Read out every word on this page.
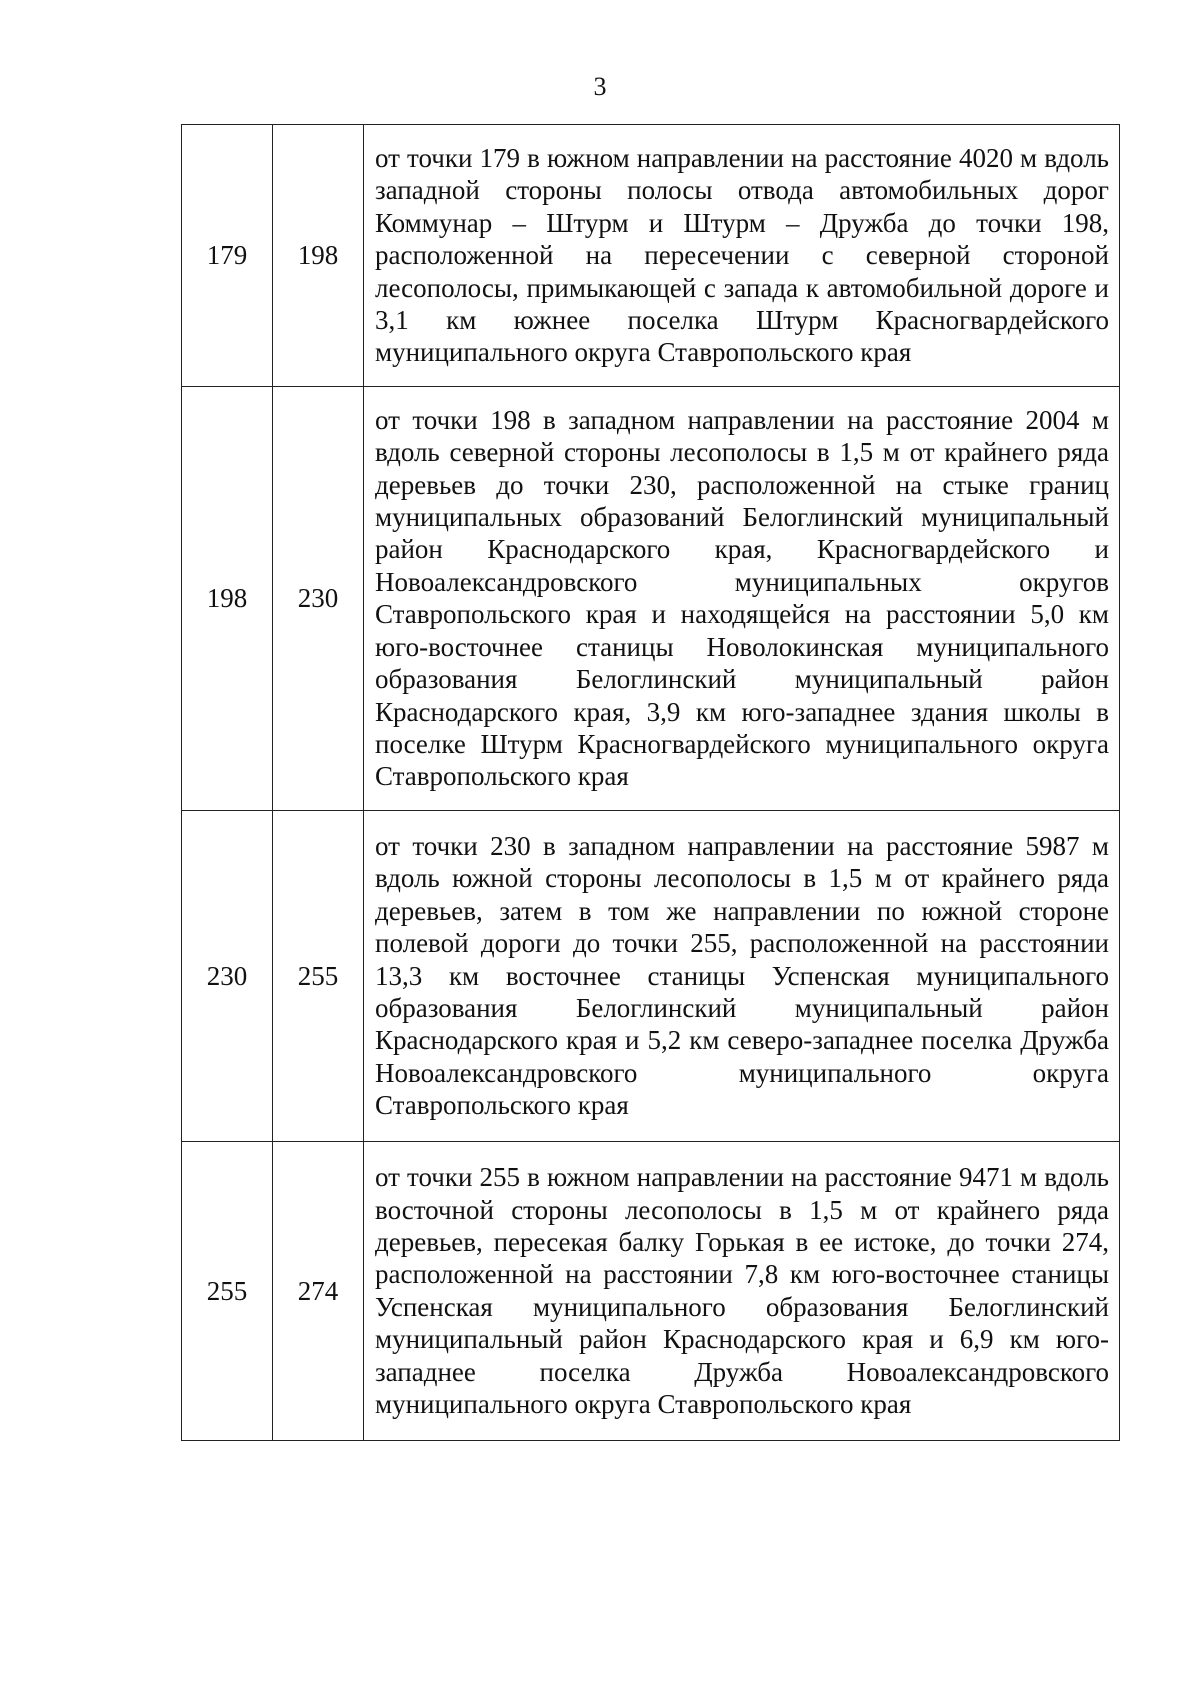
3
179	198	от точки 179 в южном направлении на расстояние 4020 м вдоль западной стороны полосы отвода автомобильных дорог Коммунар – Штурм и Штурм – Дружба до точки 198, расположенной на пересечении с северной стороной лесополосы, примыкающей с запада к автомобильной дороге и 3,1 км южнее поселка Штурм Красногвардейского муниципального округа Ставропольского края
198	230	от точки 198 в западном направлении на расстояние 2004 м вдоль северной стороны лесополосы в 1,5 м от крайнего ряда деревьев до точки 230, расположенной на стыке границ муниципальных образований Белоглинский муниципальный район Краснодарского края, Красногвардейского и Новоалександровского муниципальных округов Ставропольского края и находящейся на расстоянии 5,0 км юго-восточнее станицы Новолокинская муниципального образования Белоглинский муниципальный район Краснодарского края, 3,9 км юго-западнее здания школы в поселке Штурм Красногвардейского муниципального округа Ставропольского края
230	255	от точки 230 в западном направлении на расстояние 5987 м вдоль южной стороны лесополосы в 1,5 м от крайнего ряда деревьев, затем в том же направлении по южной стороне полевой дороги до точки 255, расположенной на расстоянии 13,3 км восточнее станицы Успенская муниципального образования Белоглинский муниципальный район Краснодарского края и 5,2 км северо-западнее поселка Дружба Новоалександровского муниципального округа Ставропольского края
255	274	от точки 255 в южном направлении на расстояние 9471 м вдоль восточной стороны лесополосы в 1,5 м от крайнего ряда деревьев, пересекая балку Горькая в ее истоке, до точки 274, расположенной на расстоянии 7,8 км юго-восточнее станицы Успенская муниципального образования Белоглинский муниципальный район Краснодарского края и 6,9 км юго-западнее поселка Дружба Новоалександровского муниципального округа Ставропольского края
